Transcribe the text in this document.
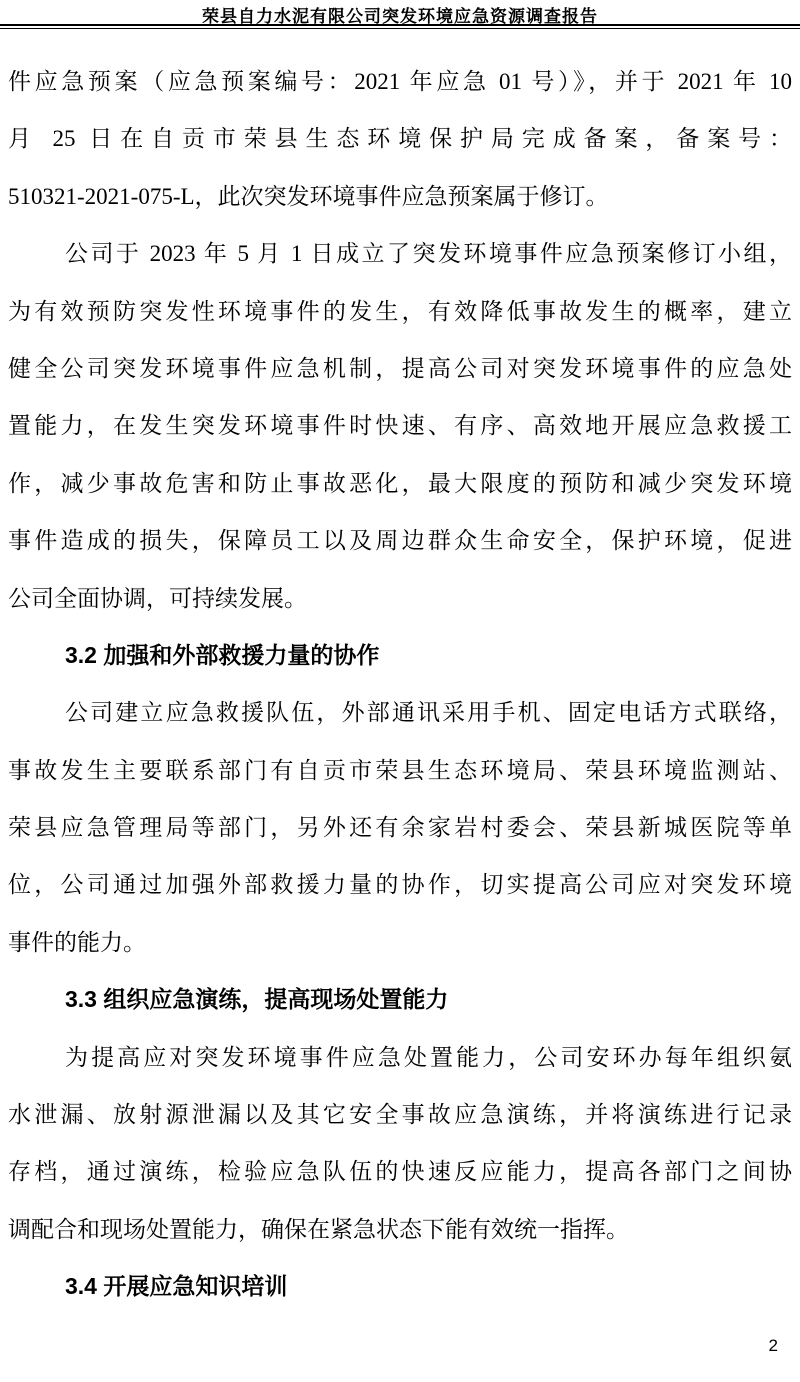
荣县自力水泥有限公司突发环境应急资源调查报告
件应急预案（应急预案编号：2021 年应急 01 号）》，并于 2021 年 10
月 25 日在自贡市荣县生态环境保护局完成备案，备案号：
510321-2021-075-L，此次突发环境事件应急预案属于修订。
公司于 2023 年 5 月 1 日成立了突发环境事件应急预案修订小组，
为有效预防突发性环境事件的发生，有效降低事故发生的概率，建立
健全公司突发环境事件应急机制，提高公司对突发环境事件的应急处
置能力，在发生突发环境事件时快速、有序、高效地开展应急救援工
作，减少事故危害和防止事故恶化，最大限度的预防和减少突发环境
事件造成的损失，保障员工以及周边群众生命安全，保护环境，促进
公司全面协调，可持续发展。
3.2 加强和外部救援力量的协作
公司建立应急救援队伍，外部通讯采用手机、固定电话方式联络，
事故发生主要联系部门有自贡市荣县生态环境局、荣县环境监测站、
荣县应急管理局等部门，另外还有余家岩村委会、荣县新城医院等单
位，公司通过加强外部救援力量的协作，切实提高公司应对突发环境
事件的能力。
3.3 组织应急演练，提高现场处置能力
为提高应对突发环境事件应急处置能力，公司安环办每年组织氨
水泄漏、放射源泄漏以及其它安全事故应急演练，并将演练进行记录
存档，通过演练，检验应急队伍的快速反应能力，提高各部门之间协
调配合和现场处置能力，确保在紧急状态下能有效统一指挥。
3.4 开展应急知识培训
2
